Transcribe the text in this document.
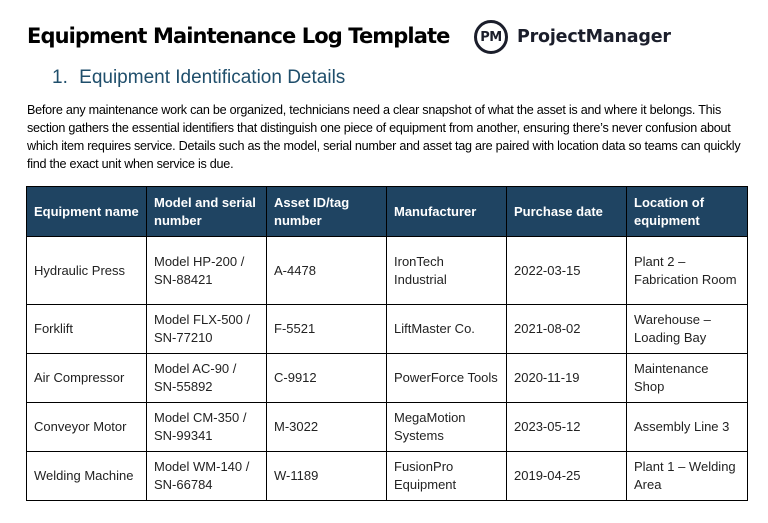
Equipment Maintenance Log Template	PM ProjectManager
1. Equipment Identification Details

Before any maintenance work can be organized, technicians need a clear snapshot of what the asset is and where it belongs. This section gathers the essential identifiers that distinguish one piece of equipment from another, ensuring there’s never confusion about which item requires service. Details such as the model, serial number and asset tag are paired with location data so teams can quickly find the exact unit when service is due.

Equipment name	Model and serial number	Asset ID/tag number	Manufacturer	Purchase date	Location of equipment
Hydraulic Press	Model HP-200 / SN-88421	A-4478	IronTech Industrial	2022-03-15	Plant 2 – Fabrication Room
Forklift	Model FLX-500 / SN-77210	F-5521	LiftMaster Co.	2021-08-02	Warehouse – Loading Bay
Air Compressor	Model AC-90 / SN-55892	C-9912	PowerForce Tools	2020-11-19	Maintenance Shop
Conveyor Motor	Model CM-350 / SN-99341	M-3022	MegaMotion Systems	2023-05-12	Assembly Line 3
Welding Machine	Model WM-140 / SN-66784	W-1189	FusionPro Equipment	2019-04-25	Plant 1 – Welding Area
